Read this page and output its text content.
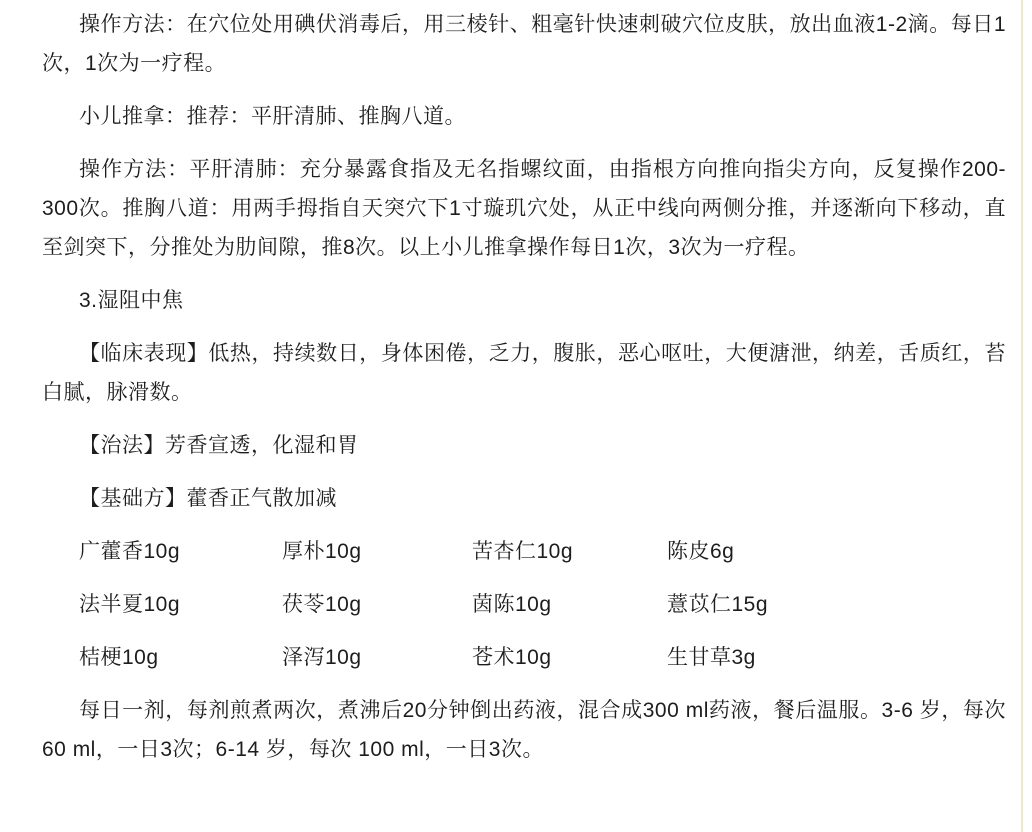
操作方法：在穴位处用碘伏消毒后，用三棱针、粗毫针快速刺破穴位皮肤，放出血液1-2滴。每日1次，1次为一疗程。

小儿推拿：推荐：平肝清肺、推胸八道。

操作方法：平肝清肺：充分暴露食指及无名指螺纹面，由指根方向推向指尖方向，反复操作200-300次。推胸八道：用两手拇指自天突穴下1寸璇玑穴处，从正中线向两侧分推，并逐渐向下移动，直至剑突下，分推处为肋间隙，推8次。以上小儿推拿操作每日1次，3次为一疗程。

3.湿阻中焦

【临床表现】低热，持续数日，身体困倦，乏力，腹胀，恶心呕吐，大便溏泄，纳差，舌质红，苔白腻，脉滑数。

【治法】芳香宣透，化湿和胃

【基础方】藿香正气散加减

广藿香10g	厚朴10g	苦杏仁10g	陈皮6g
法半夏10g	茯苓10g	茵陈10g	薏苡仁15g
桔梗10g	泽泻10g	苍术10g	生甘草3g

每日一剂，每剂煎煮两次，煮沸后20分钟倒出药液，混合成300 ml药液，餐后温服。3-6 岁，每次 60 ml，一日3次；6-14 岁，每次 100 ml，一日3次。
